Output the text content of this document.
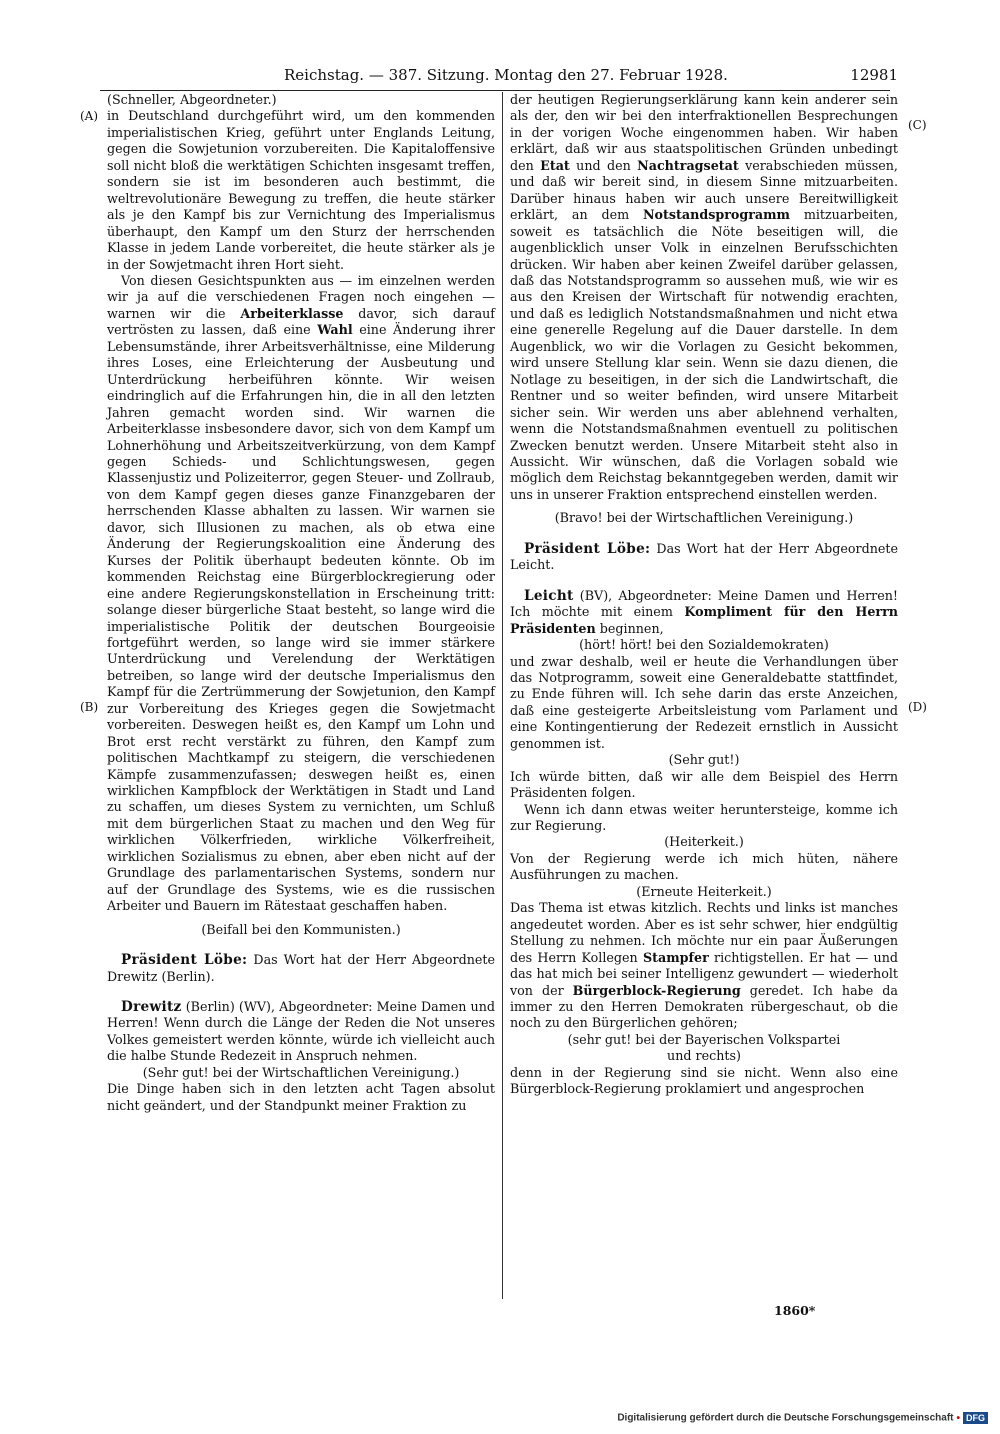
Reichstag. — 387. Sitzung. Montag den 27. Februar 1928.	12981
(A)
(B)
(C)
(D)

(Schneller, Abgeordneter.)

in Deutschland durchgeführt wird, um den kommenden imperialistischen Krieg, geführt unter Englands Leitung, gegen die Sowjetunion vorzubereiten. Die Kapitaloffensive soll nicht bloß die werktätigen Schichten insgesamt treffen, sondern sie ist im besonderen auch bestimmt, die weltrevolutionäre Bewegung zu treffen, die heute stärker als je den Kampf bis zur Vernichtung des Imperialismus überhaupt, den Kampf um den Sturz der herrschenden Klasse in jedem Lande vorbereitet, die heute stärker als je in der Sowjetmacht ihren Hort sieht.

Von diesen Gesichtspunkten aus — im einzelnen werden wir ja auf die verschiedenen Fragen noch eingehen — warnen wir die Arbeiterklasse davor, sich darauf vertrösten zu lassen, daß eine Wahl eine Änderung ihrer Lebensumstände, ihrer Arbeitsverhältnisse, eine Milderung ihres Loses, eine Erleichterung der Ausbeutung und Unterdrückung herbeiführen könnte. Wir weisen eindringlich auf die Erfahrungen hin, die in all den letzten Jahren gemacht worden sind. Wir warnen die Arbeiterklasse insbesondere davor, sich von dem Kampf um Lohnerhöhung und Arbeitszeitverkürzung, von dem Kampf gegen Schieds- und Schlichtungswesen, gegen Klassenjustiz und Polizeiterror, gegen Steuer- und Zollraub, von dem Kampf gegen dieses ganze Finanzgebaren der herrschenden Klasse abhalten zu lassen. Wir warnen sie davor, sich Illusionen zu machen, als ob etwa eine Änderung der Regierungskoalition eine Änderung des Kurses der Politik überhaupt bedeuten könnte. Ob im kommenden Reichstag eine Bürgerblockregierung oder eine andere Regierungskonstellation in Erscheinung tritt: solange dieser bürgerliche Staat besteht, so lange wird die imperialistische Politik der deutschen Bourgeoisie fortgeführt werden, so lange wird sie immer stärkere Unterdrückung und Verelendung der Werktätigen betreiben, so lange wird der deutsche Imperialismus den Kampf für die Zertrümmerung der Sowjetunion, den Kampf zur Vorbereitung des Krieges gegen die Sowjetmacht vorbereiten. Deswegen heißt es, den Kampf um Lohn und Brot erst recht verstärkt zu führen, den Kampf zum politischen Machtkampf zu steigern, die verschiedenen Kämpfe zusammenzufassen; deswegen heißt es, einen wirklichen Kampfblock der Werktätigen in Stadt und Land zu schaffen, um dieses System zu vernichten, um Schluß mit dem bürgerlichen Staat zu machen und den Weg für wirklichen Völkerfrieden, wirkliche Völkerfreiheit, wirklichen Sozialismus zu ebnen, aber eben nicht auf der Grundlage des parlamentarischen Systems, sondern nur auf der Grundlage des Systems, wie es die russischen Arbeiter und Bauern im Rätestaat geschaffen haben.

(Beifall bei den Kommunisten.)

Präsident Löbe: Das Wort hat der Herr Abgeordnete Drewitz (Berlin).

Drewitz (Berlin) (WV), Abgeordneter: Meine Damen und Herren! Wenn durch die Länge der Reden die Not unseres Volkes gemeistert werden könnte, würde ich vielleicht auch die halbe Stunde Redezeit in Anspruch nehmen.

(Sehr gut! bei der Wirtschaftlichen Vereinigung.)

Die Dinge haben sich in den letzten acht Tagen absolut nicht geändert, und der Standpunkt meiner Fraktion zu

der heutigen Regierungserklärung kann kein anderer sein als der, den wir bei den interfraktionellen Besprechungen in der vorigen Woche eingenommen haben. Wir haben erklärt, daß wir aus staatspolitischen Gründen unbedingt den Etat und den Nachtragsetat verabschieden müssen, und daß wir bereit sind, in diesem Sinne mitzuarbeiten. Darüber hinaus haben wir auch unsere Bereitwilligkeit erklärt, an dem Notstandsprogramm mitzuarbeiten, soweit es tatsächlich die Nöte beseitigen will, die augenblicklich unser Volk in einzelnen Berufsschichten drücken. Wir haben aber keinen Zweifel darüber gelassen, daß das Notstandsprogramm so aussehen muß, wie wir es aus den Kreisen der Wirtschaft für notwendig erachten, und daß es lediglich Notstandsmaßnahmen und nicht etwa eine generelle Regelung auf die Dauer darstelle. In dem Augenblick, wo wir die Vorlagen zu Gesicht bekommen, wird unsere Stellung klar sein. Wenn sie dazu dienen, die Notlage zu beseitigen, in der sich die Landwirtschaft, die Rentner und so weiter befinden, wird unsere Mitarbeit sicher sein. Wir werden uns aber ablehnend verhalten, wenn die Notstandsmaßnahmen eventuell zu politischen Zwecken benutzt werden. Unsere Mitarbeit steht also in Aussicht. Wir wünschen, daß die Vorlagen sobald wie möglich dem Reichstag bekanntgegeben werden, damit wir uns in unserer Fraktion entsprechend einstellen werden.

(Bravo! bei der Wirtschaftlichen Vereinigung.)

Präsident Löbe: Das Wort hat der Herr Abgeordnete Leicht.

Leicht (BV), Abgeordneter: Meine Damen und Herren! Ich möchte mit einem Kompliment für den Herrn Präsidenten beginnen,

(hört! hört! bei den Sozialdemokraten)

und zwar deshalb, weil er heute die Verhandlungen über das Notprogramm, soweit eine Generaldebatte stattfindet, zu Ende führen will. Ich sehe darin das erste Anzeichen, daß eine gesteigerte Arbeitsleistung vom Parlament und eine Kontingentierung der Redezeit ernstlich in Aussicht genommen ist.

(Sehr gut!)

Ich würde bitten, daß wir alle dem Beispiel des Herrn Präsidenten folgen.

Wenn ich dann etwas weiter heruntersteige, komme ich zur Regierung.

(Heiterkeit.)

Von der Regierung werde ich mich hüten, nähere Ausführungen zu machen.

(Erneute Heiterkeit.)

Das Thema ist etwas kitzlich. Rechts und links ist manches angedeutet worden. Aber es ist sehr schwer, hier endgültig Stellung zu nehmen. Ich möchte nur ein paar Äußerungen des Herrn Kollegen Stampfer richtigstellen. Er hat — und das hat mich bei seiner Intelligenz gewundert — wiederholt von der Bürgerblock-Regierung geredet. Ich habe da immer zu den Herren Demokraten rübergeschaut, ob die noch zu den Bürgerlichen gehören;

(sehr gut! bei der Bayerischen Volkspartei

und rechts)

denn in der Regierung sind sie nicht. Wenn also eine Bürgerblock-Regierung proklamiert und angesprochen

1860*
Digitalisierung gefördert durch die Deutsche Forschungsgemeinschaft • DFG
